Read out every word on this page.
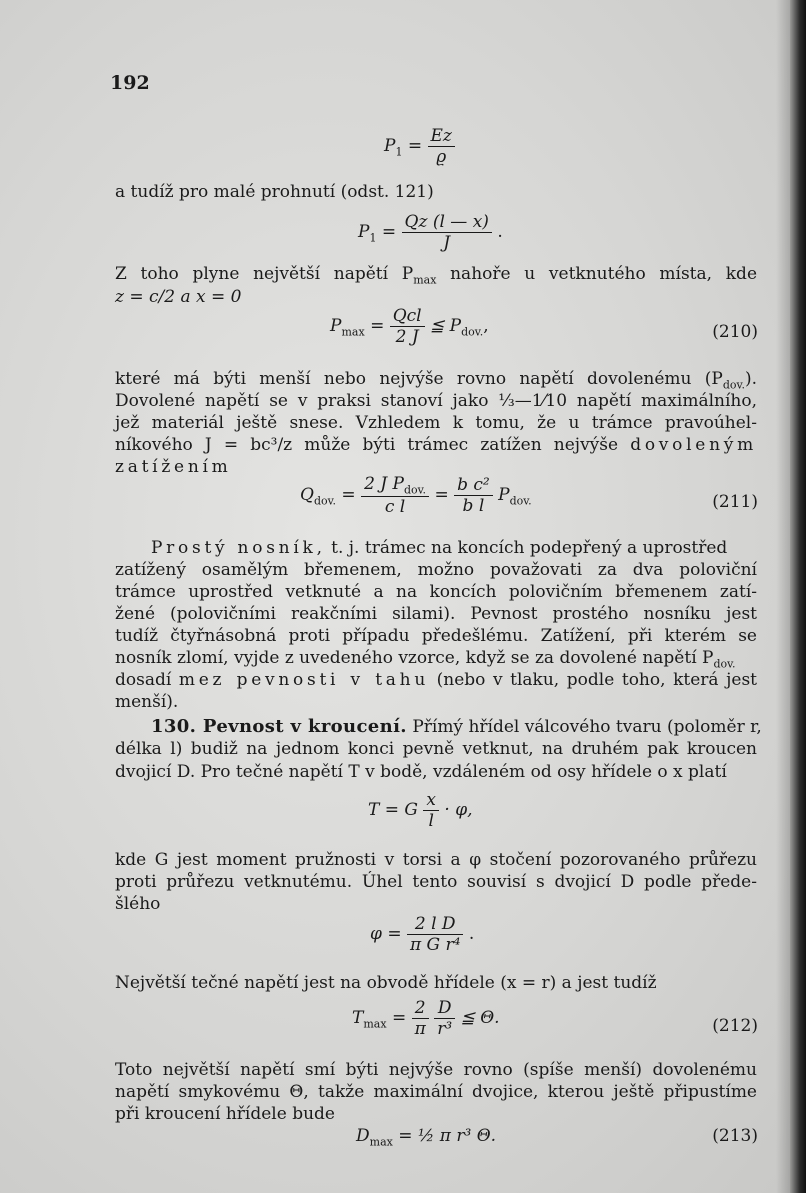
192
$P_1 = \frac{Ez}{ϱ}$
a tudíž pro malé prohnutí (odst. 121)
$P_1 = \frac{Qz (l — x)}{J}$ .
Z toho plyne největší napětí $P_{max}$ nahoře u vetknutého místa, kde
z = c/2 a x = 0
$P_{max} = \frac{\text{Qcl}}{2 J}$ ≦ $P_{dov.}$,	(210)
které má býti menší nebo nejvýše rovno napětí dovolenému $(P_{dov.})$.
Dovolené napětí se v praksi stanoví jako ⅓—1⁄10 napětí maximálního,
jež materiál ještě snese. Vzhledem k tomu, že u trámce pravoúhel-
níkového J = bc³/z může býti trámec zatížen nejvýše dovoleným
zatížením
$Q_{dov.} = \frac{2 J P_{dov.}}{\text{c l}} = \frac{\text{b c²}}{\text{b l}} P_{dov.}$	(211)
Prostý nosník, t. j. trámec na koncích podepřený a uprostřed
zatížený osamělým břemenem, možno považovati za dva poloviční
trámce uprostřed vetknuté a na koncích polovičním břemenem zatí-
žené (polovičními reakčními silami). Pevnost prostého nosníku jest
tudíž čtyřnásobná proti případu předešlému. Zatížení, při kterém se
nosník zlomí, vyjde z uvedeného vzorce, když se za dovolené napětí $P_{dov.}$
dosadí mez pevnosti v tahu (nebo v tlaku, podle toho, která jest
menší).
130. Pevnost v kroucení. Přímý hřídel válcového tvaru (poloměr r,
délka l) budiž na jednom konci pevně vetknut, na druhém pak kroucen
dvojicí D. Pro tečné napětí T v bodě, vzdáleném od osy hřídele o x platí
T = G $\frac{x}{l} \cdot \varphi$,
kde G jest moment pružnosti v torsi a φ stočení pozorovaného průřezu
proti průřezu vetknutému. Úhel tento souvisí s dvojicí D podle přede-
šlého
$\varphi = \frac{\text{2 l D}}{\text{π G r⁴}}$ .
Největší tečné napětí jest na obvodě hřídele (x = r) a jest tudíž
$T_{max} = \frac{2}{\pi}$
$\frac{D}{\text{r³}}$ ≦ Θ.	(212)
Toto největší napětí smí býti nejvýše rovno (spíše menší) dovolenému
napětí smykovému Θ, takže maximální dvojice, kterou ještě připustíme
při kroucení hřídele bude
$D_{max}$ = ½ π r³ Θ.	(213)
